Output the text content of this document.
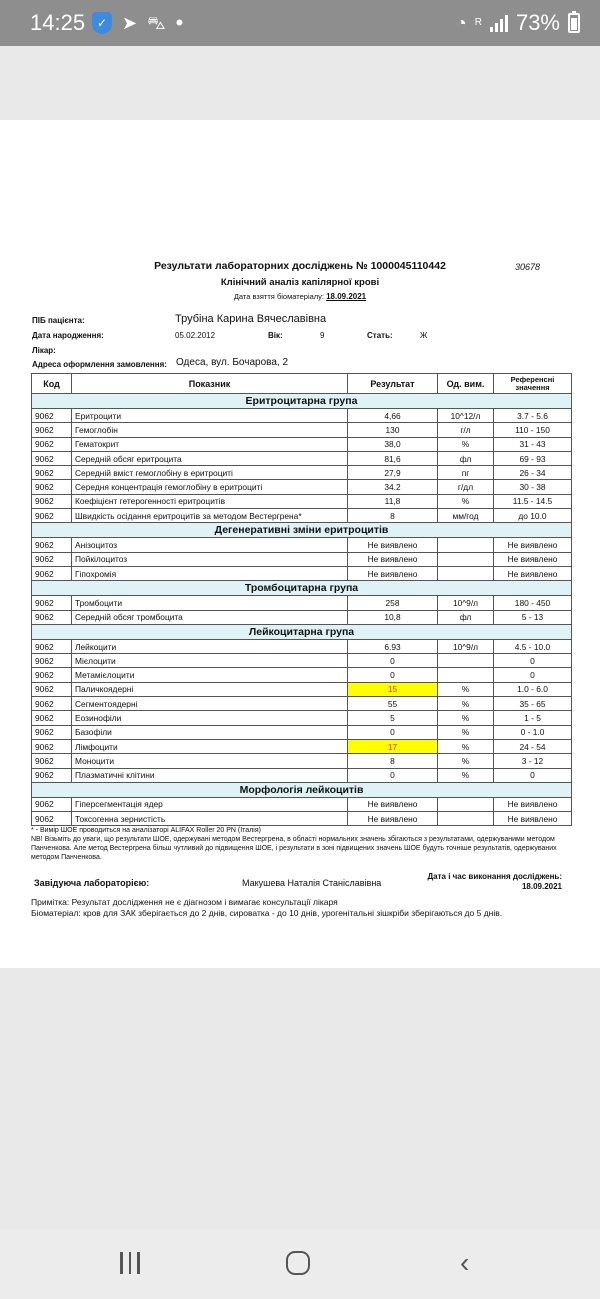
14:25 ✓ ➤ ⛍ •	◔ R 73%
Результати лабораторних досліджень № 1000045110442	30678
Клінічний аналіз капілярної крові
Дата взяття біоматеріалу: 18.09.2021
ПІБ пацієнта:	Трубіна Карина Вячеславівна
Дата народження:	05.02.2012	Вік:	9	Стать:	Ж
Лікар:
Адреса оформлення замовлення: Одеса, вул. Бочарова, 2
Код	Показник	Результат	Од. вим.	Референсні значення
Еритроцитарна група				
9062	Еритроцити	4,66	10^12/л	3.7 - 5.6
9062	Гемоглобін	130	г/л	110 - 150
9062	Гематокрит	38,0	%	31 - 43
9062	Середній обсяг еритроцита	81,6	фл	69 - 93
9062	Середній вміст гемоглобіну в еритроциті	27,9	пг	26 - 34
9062	Середня концентрація гемоглобіну в еритроциті	34.2	г/дл	30 - 38
9062	Коефіцієнт гетерогенності еритроцитів	11,8	%	11.5 - 14.5
9062	Швидкість осідання еритроцитів за методом Вестергрена*	8	мм/год	до 10.0
Дегенеративні зміни еритроцитів				
9062	Анізоцитоз	Не виявлено		Не виявлено
9062	Пойкілоцитоз	Не виявлено		Не виявлено
9062	Гіпохромія	Не виявлено		Не виявлено
Тромбоцитарна група				
9062	Тромбоцити	258	10^9/л	180 - 450
9062	Середній обсяг тромбоцита	10,8	фл	5 - 13
Лейкоцитарна група				
9062	Лейкоцити	6.93	10^9/л	4.5 - 10.0
9062	Мієлоцити	0		0
9062	Метамієлоцити	0		0
9062	Паличкоядерні	15	%	1.0 - 6.0
9062	Сегментоядерні	55	%	35 - 65
9062	Еозинофіли	5	%	1 - 5
9062	Базофіли	0	%	0 - 1.0
9062	Лімфоцити	17	%	24 - 54
9062	Моноцити	8	%	3 - 12
9062	Плазматичні клітини	0	%	0
Морфологія лейкоцитів				
9062	Гіперсегментація ядер	Не виявлено		Не виявлено
9062	Токсогенна зернистість	Не виявлено		Не виявлено
* - Вимір ШОЕ проводиться на аналізаторі ALIFAX Roller 20 PN (Італія)
NB! Візьміть до уваги, що результати ШОЕ, одержувані методом Вестергрена, в області нормальних значень збігаються з результатами, одержуваними методом Панченкова. Але метод Вестергрена більш чутливий до підвищення ШОЕ, і результати в зоні підвищених значень ШОЕ будуть точніше результатів, одержуваних методом Панченкова.
Завідуюча лабораторією:	Макушева Наталія Станіславівна
Дата і час виконання досліджень:
18.09.2021
Примітка: Результат дослідження не є діагнозом і вимагає консультації лікаря
Біоматеріал: кров для ЗАК зберігається до 2 днів, сироватка - до 10 днів, урогенітальні зішкріби зберігаються до 5 днів.
‹
